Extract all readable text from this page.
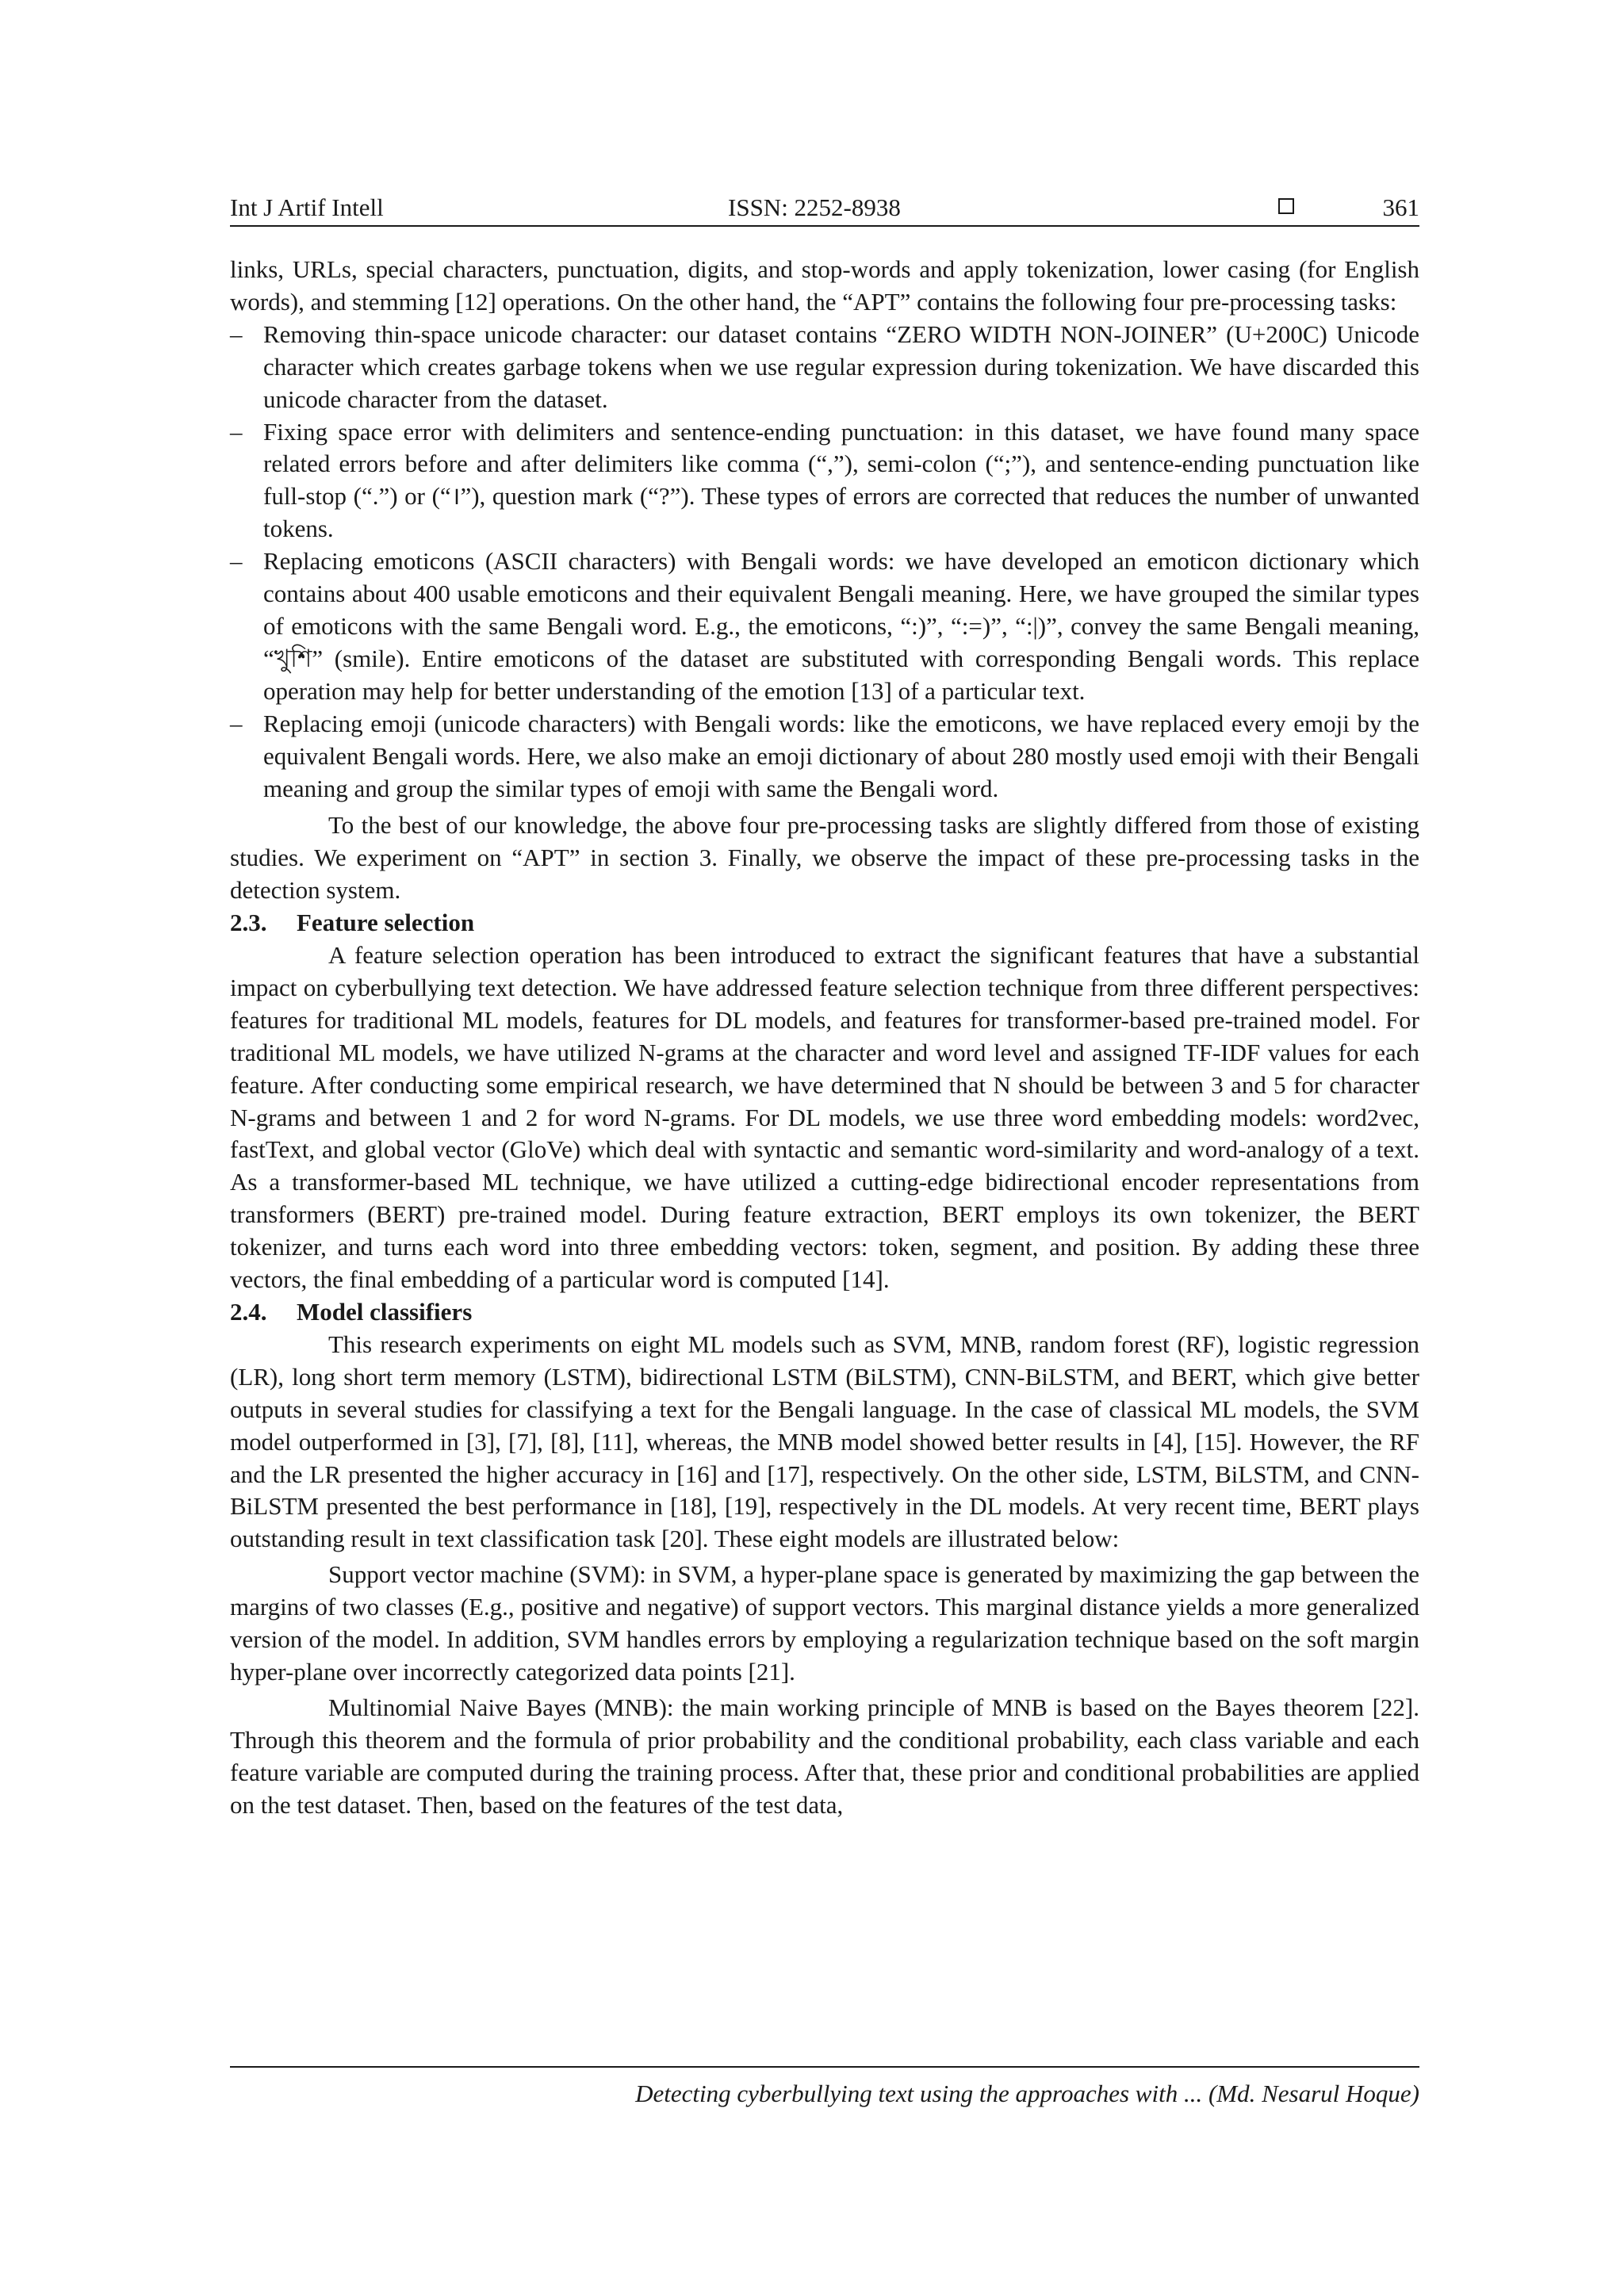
Int J Artif Intell	ISSN: 2252-8938	361

links, URLs, special characters, punctuation, digits, and stop-words and apply tokenization, lower casing (for English words), and stemming [12] operations. On the other hand, the “APT” contains the following four pre-processing tasks:

– Removing thin-space unicode character: our dataset contains “ZERO WIDTH NON-JOINER” (U+200C) Unicode character which creates garbage tokens when we use regular expression during tokenization. We have discarded this unicode character from the dataset.
– Fixing space error with delimiters and sentence-ending punctuation: in this dataset, we have found many space related errors before and after delimiters like comma (“,”), semi-colon (“;”), and sentence-ending punctuation like full-stop (“.”) or (“।”), question mark (“?”). These types of errors are corrected that reduces the number of unwanted tokens.
– Replacing emoticons (ASCII characters) with Bengali words: we have developed an emoticon dictionary which contains about 400 usable emoticons and their equivalent Bengali meaning. Here, we have grouped the similar types of emoticons with the same Bengali word. E.g., the emoticons, “:)”, “:=)”, “:|)”, convey the same Bengali meaning, “খুশি” (smile). Entire emoticons of the dataset are substituted with corresponding Bengali words. This replace operation may help for better understanding of the emotion [13] of a particular text.
– Replacing emoji (unicode characters) with Bengali words: like the emoticons, we have replaced every emoji by the equivalent Bengali words. Here, we also make an emoji dictionary of about 280 mostly used emoji with their Bengali meaning and group the similar types of emoji with same the Bengali word.

To the best of our knowledge, the above four pre-processing tasks are slightly differed from those of existing studies. We experiment on “APT” in section 3. Finally, we observe the impact of these pre-processing tasks in the detection system.

2.3. Feature selection

A feature selection operation has been introduced to extract the significant features that have a substantial impact on cyberbullying text detection. We have addressed feature selection technique from three different perspectives: features for traditional ML models, features for DL models, and features for transformer-based pre-trained model. For traditional ML models, we have utilized N-grams at the character and word level and assigned TF-IDF values for each feature. After conducting some empirical research, we have determined that N should be between 3 and 5 for character N-grams and between 1 and 2 for word N-grams. For DL models, we use three word embedding models: word2vec, fastText, and global vector (GloVe) which deal with syntactic and semantic word-similarity and word-analogy of a text. As a transformer-based ML technique, we have utilized a cutting-edge bidirectional encoder representations from transformers (BERT) pre-trained model. During feature extraction, BERT employs its own tokenizer, the BERT tokenizer, and turns each word into three embedding vectors: token, segment, and position. By adding these three vectors, the final embedding of a particular word is computed [14].

2.4. Model classifiers

This research experiments on eight ML models such as SVM, MNB, random forest (RF), logistic regression (LR), long short term memory (LSTM), bidirectional LSTM (BiLSTM), CNN-BiLSTM, and BERT, which give better outputs in several studies for classifying a text for the Bengali language. In the case of classical ML models, the SVM model outperformed in [3], [7], [8], [11], whereas, the MNB model showed better results in [4], [15]. However, the RF and the LR presented the higher accuracy in [16] and [17], respectively. On the other side, LSTM, BiLSTM, and CNN-BiLSTM presented the best performance in [18], [19], respectively in the DL models. At very recent time, BERT plays outstanding result in text classification task [20]. These eight models are illustrated below:

Support vector machine (SVM): in SVM, a hyper-plane space is generated by maximizing the gap between the margins of two classes (E.g., positive and negative) of support vectors. This marginal distance yields a more generalized version of the model. In addition, SVM handles errors by employing a regularization technique based on the soft margin hyper-plane over incorrectly categorized data points [21].

Multinomial Naive Bayes (MNB): the main working principle of MNB is based on the Bayes theorem [22]. Through this theorem and the formula of prior probability and the conditional probability, each class variable and each feature variable are computed during the training process. After that, these prior and conditional probabilities are applied on the test dataset. Then, based on the features of the test data,

Detecting cyberbullying text using the approaches with ... (Md. Nesarul Hoque)
